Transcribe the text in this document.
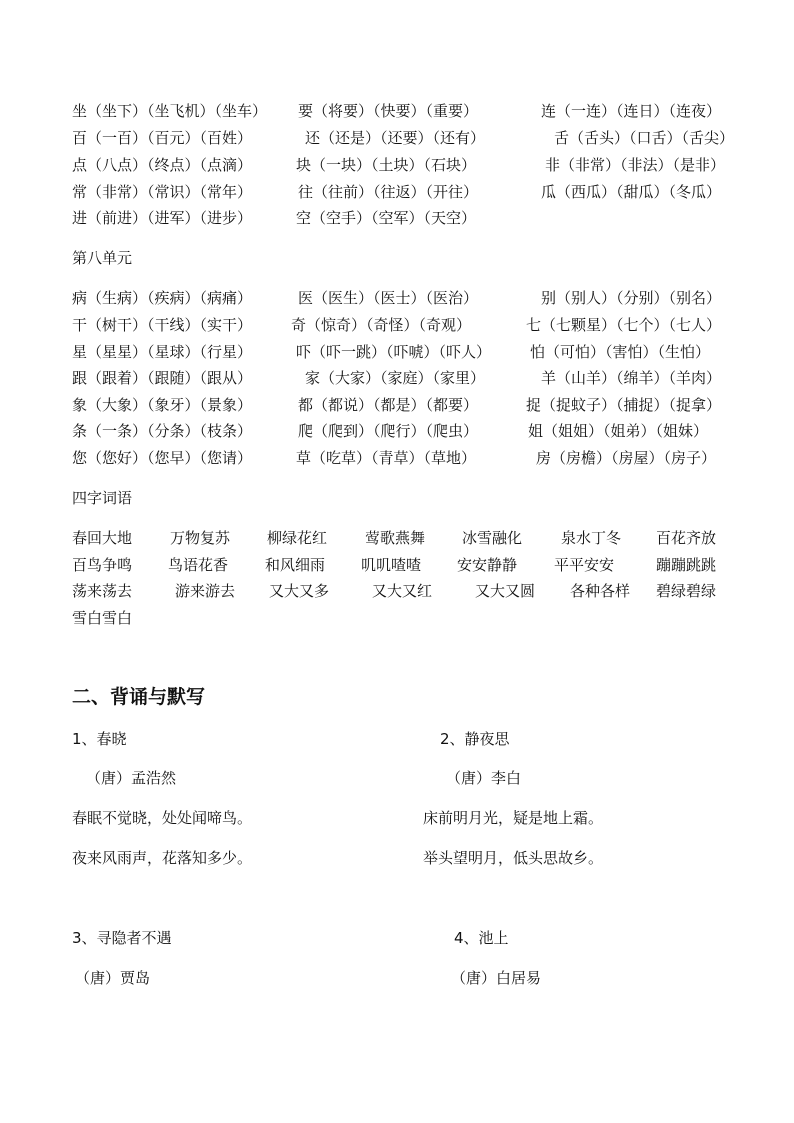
坐（坐下）（坐飞机）（坐车） 要（将要）（快要）（重要）	连（一连）（连日）（连夜）
百（一百）（百元）（百姓）	还（还是）（还要）（还有）	舌（舌头）（口舌）（舌尖）
点（八点）（终点）（点滴）	块（一块）（土块）（石块）	非（非常）（非法）（是非）
常（非常）（常识）（常年）	往（往前）（往返）（开往）	瓜（西瓜）（甜瓜）（冬瓜）
进（前进）（进军）（进步）	空（空手）（空军）（天空）
第八单元
病（生病）（疾病）（病痛）	医（医生）（医士）（医治）	别（别人）（分别）（别名）
干（树干）（干线）（实干）	奇（惊奇）（奇怪）（奇观）	七（七颗星）（七个）（七人）
星（星星）（星球）（行星）	吓（吓一跳）（吓唬）（吓人）	怕（可怕）（害怕）（生怕）
跟（跟着）（跟随）（跟从）	家（大家）（家庭）（家里）	羊（山羊）（绵羊）（羊肉）
象（大象）（象牙）（景象）	都（都说）（都是）（都要）	捉（捉蚊子）（捕捉）（捉拿）
条（一条）（分条）（枝条）	爬（爬到）（爬行）（爬虫）	姐（姐姐）（姐弟）（姐妹）
您（您好）（您早）（您请）	草（吃草）（青草）（草地）	房（房檐）（房屋）（房子）
四字词语
春回大地	万物复苏 柳绿花红	莺歌燕舞 冰雪融化	泉水丁冬 百花齐放
百鸟争鸣 鸟语花香 和风细雨 叽叽喳喳 安安静静 平平安安	蹦蹦跳跳
荡来荡去	游来游去 又大又多	又大又红	又大又圆 各种各样 碧绿碧绿
雪白雪白
二、背诵与默写
1、春晓	2、静夜思
（唐）孟浩然	（唐）李白
春眠不觉晓，处处闻啼鸟。	床前明月光，疑是地上霜。
夜来风雨声，花落知多少。	举头望明月，低头思故乡。
3、寻隐者不遇	4、池上
（唐）贾岛	（唐）白居易
